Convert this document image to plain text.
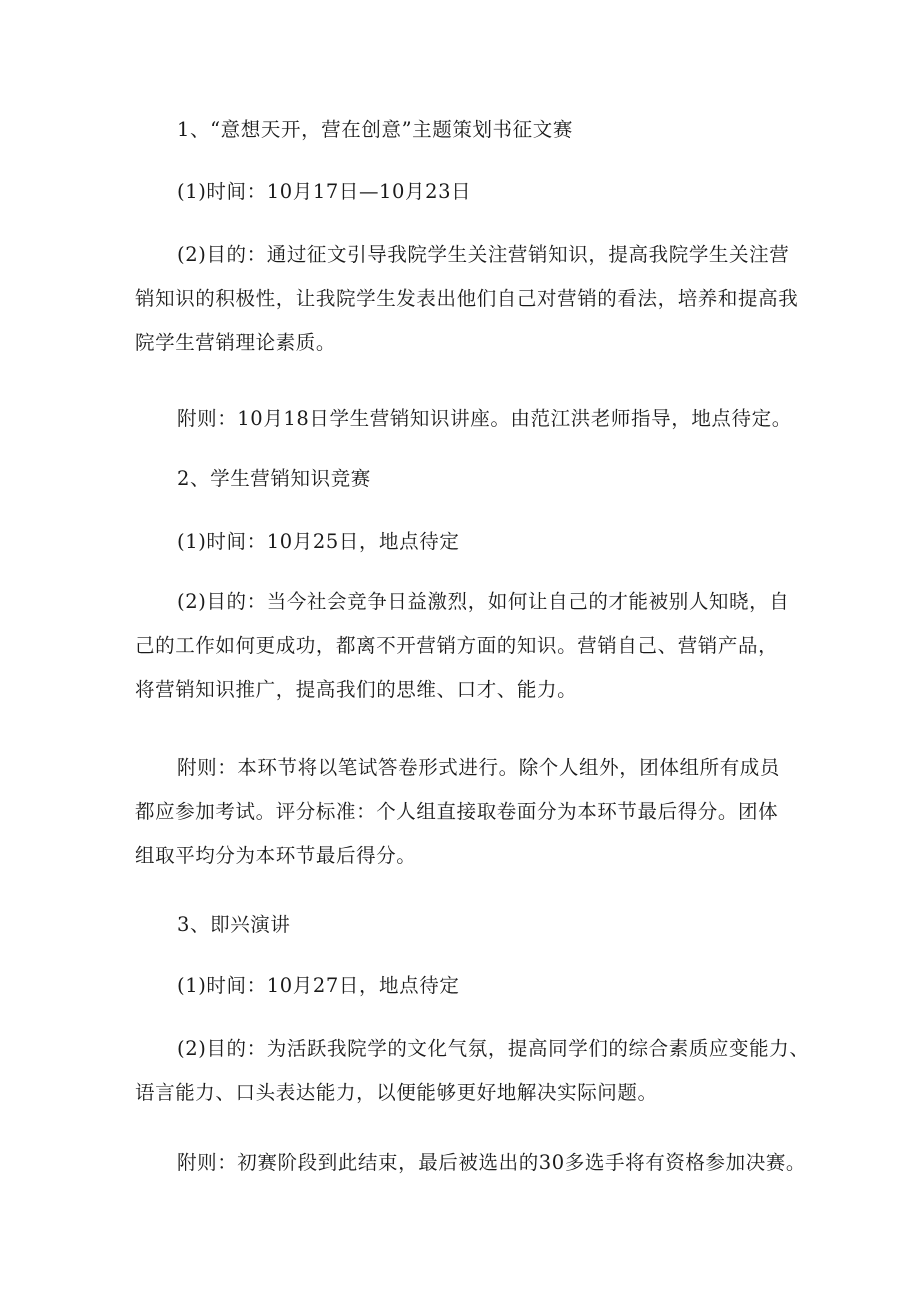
1、“意想天开，营在创意”主题策划书征文赛

(1)时间：10月17日—10月23日

(2)目的：通过征文引导我院学生关注营销知识，提高我院学生关注营
销知识的积极性，让我院学生发表出他们自己对营销的看法，培养和提高我
院学生营销理论素质。

附则：10月18日学生营销知识讲座。由范江洪老师指导，地点待定。

2、学生营销知识竞赛

(1)时间：10月25日，地点待定

(2)目的：当今社会竞争日益激烈，如何让自己的才能被别人知晓，自
己的工作如何更成功，都离不开营销方面的知识。营销自己、营销产品，
将营销知识推广，提高我们的思维、口才、能力。

附则：本环节将以笔试答卷形式进行。除个人组外，团体组所有成员
都应参加考试。评分标准：个人组直接取卷面分为本环节最后得分。团体
组取平均分为本环节最后得分。

3、即兴演讲

(1)时间：10月27日，地点待定

(2)目的：为活跃我院学的文化气氛，提高同学们的综合素质应变能力、
语言能力、口头表达能力，以便能够更好地解决实际问题。

附则：初赛阶段到此结束，最后被选出的30多选手将有资格参加决赛。
